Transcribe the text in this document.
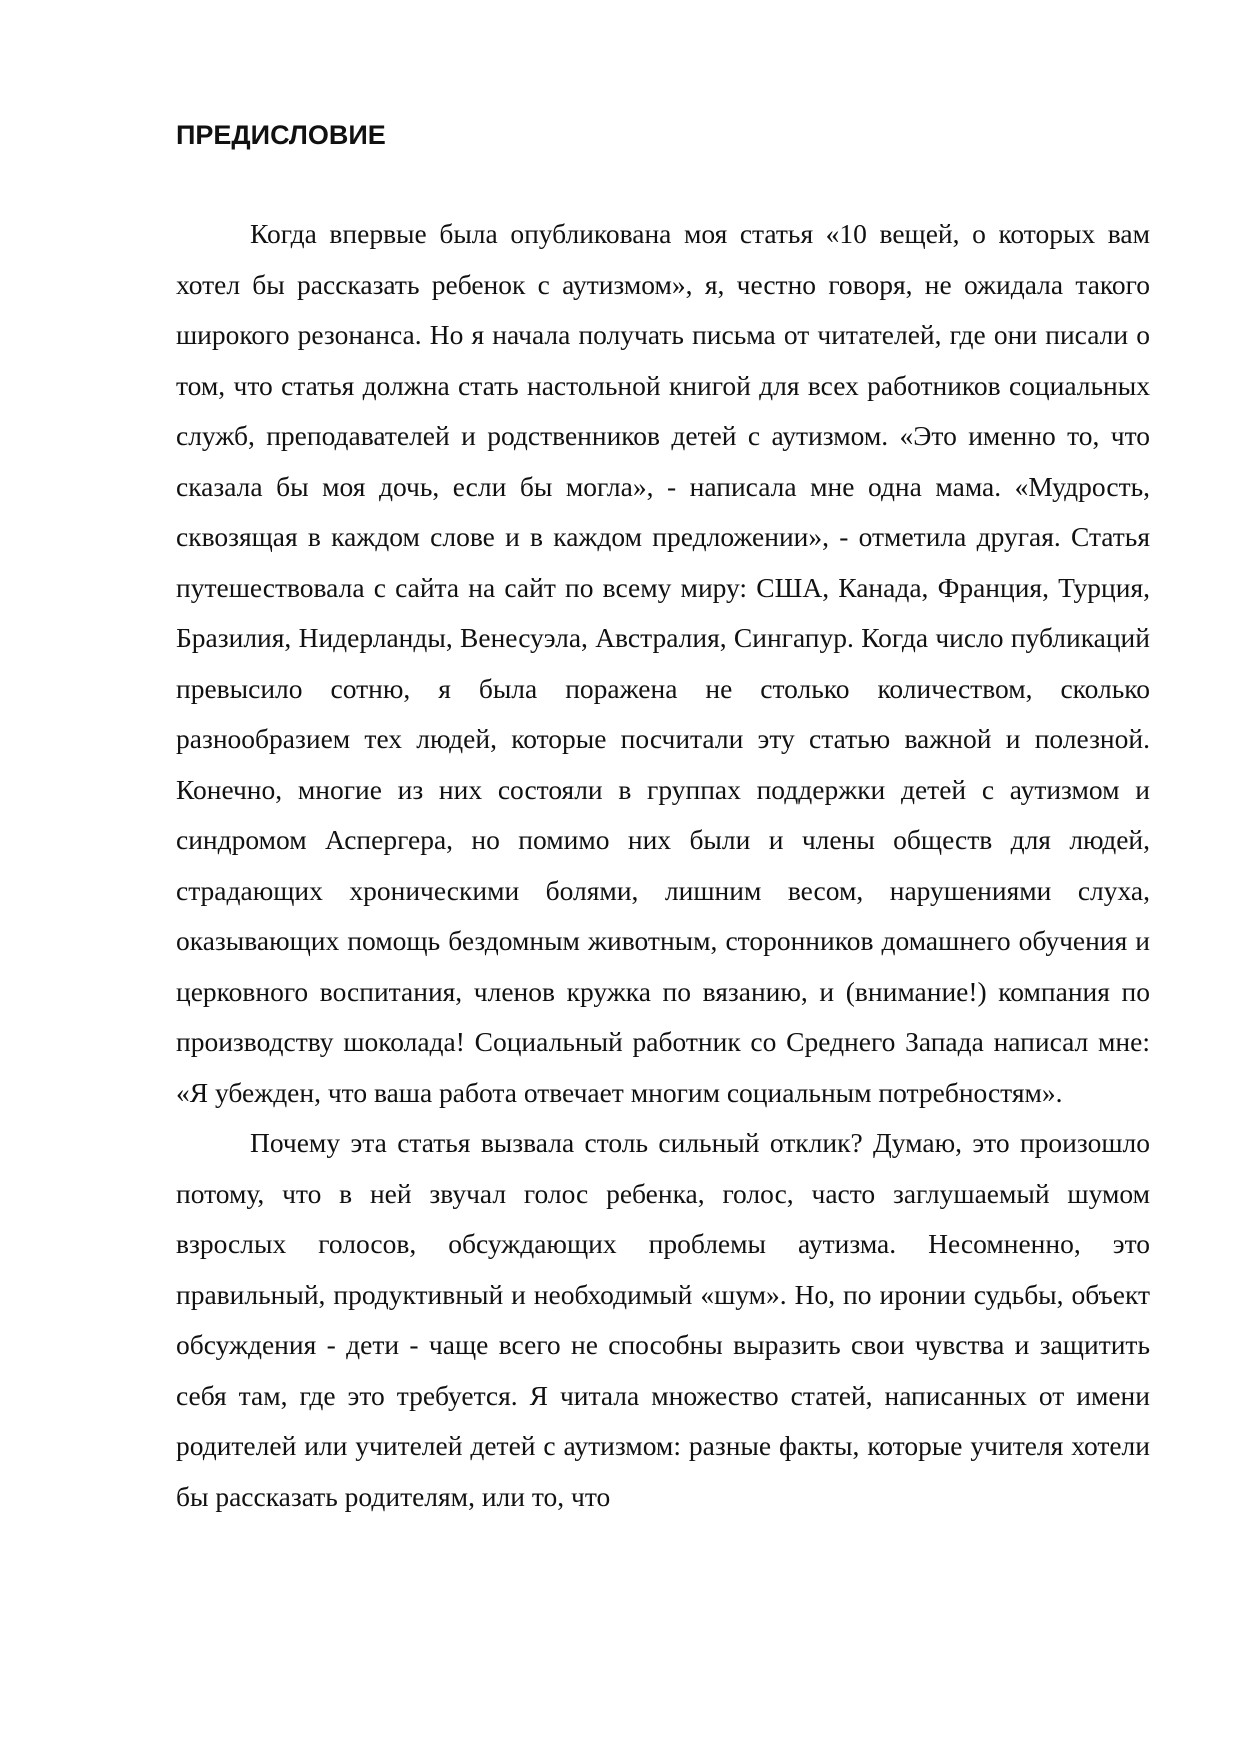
ПРЕДИСЛОВИЕ

Когда впервые была опубликована моя статья «10 вещей, о которых вам хотел бы рассказать ребенок с аутизмом», я, честно говоря, не ожидала такого широкого резонанса. Но я начала получать письма от читателей, где они писали о том, что статья должна стать настольной книгой для всех работников социальных служб, преподавателей и родственников детей с аутизмом. «Это именно то, что сказала бы моя дочь, если бы могла», - написала мне одна мама. «Мудрость, сквозящая в каждом слове и в каждом предложении», - отметила другая. Статья путешествовала с сайта на сайт по всему миру: США, Канада, Франция, Турция, Бразилия, Нидерланды, Венесуэла, Австралия, Сингапур. Когда число публикаций превысило сотню, я была поражена не столько количеством, сколько разнообразием тех людей, которые посчитали эту статью важной и полезной. Конечно, многие из них состояли в группах поддержки детей с аутизмом и синдромом Аспергера, но помимо них были и члены обществ для людей, страдающих хроническими болями, лишним весом, нарушениями слуха, оказывающих помощь бездомным животным, сторонников домашнего обучения и церковного воспитания, членов кружка по вязанию, и (внимание!) компания по производству шоколада! Социальный работник со Среднего Запада написал мне: «Я убежден, что ваша работа отвечает многим социальным потребностям».

Почему эта статья вызвала столь сильный отклик? Думаю, это произошло потому, что в ней звучал голос ребенка, голос, часто заглушаемый шумом взрослых голосов, обсуждающих проблемы аутизма. Несомненно, это правильный, продуктивный и необходимый «шум». Но, по иронии судьбы, объект обсуждения - дети - чаще всего не способны выразить свои чувства и защитить себя там, где это требуется. Я читала множество статей, написанных от имени родителей или учителей детей с аутизмом: разные факты, которые учителя хотели бы рассказать родителям, или то, что
